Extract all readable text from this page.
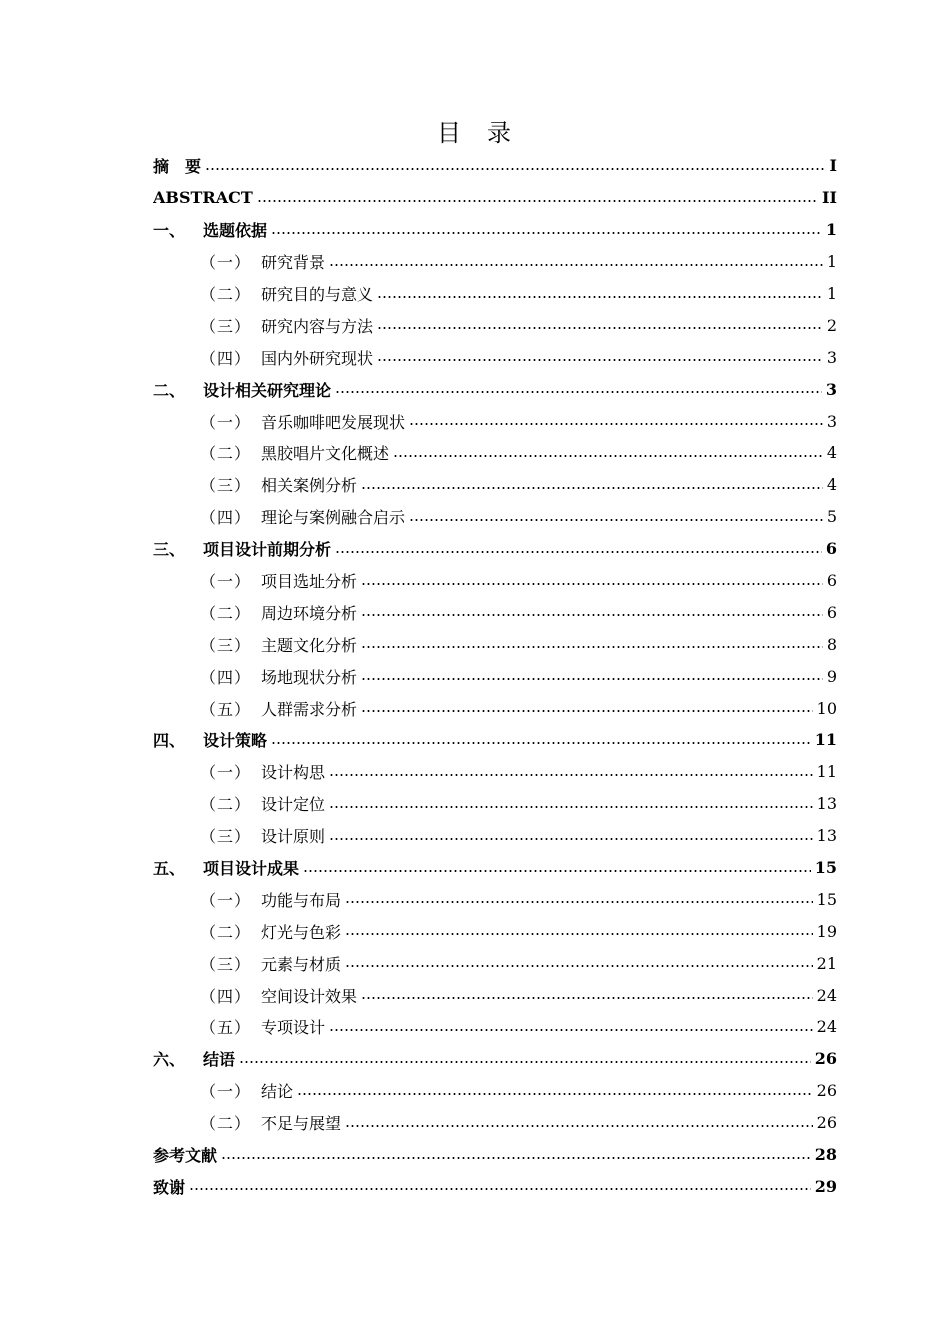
目 录
摘　要	I
ABSTRACT	II
一、	选题依据	1
（一） 研究背景	1
（二） 研究目的与意义	1
（三） 研究内容与方法	2
（四） 国内外研究现状	3
二、	设计相关研究理论	3
（一） 音乐咖啡吧发展现状	3
（二） 黑胶唱片文化概述	4
（三） 相关案例分析	4
（四） 理论与案例融合启示	5
三、	项目设计前期分析	6
（一） 项目选址分析	6
（二） 周边环境分析	6
（三） 主题文化分析	8
（四） 场地现状分析	9
（五） 人群需求分析	10
四、	设计策略	11
（一） 设计构思	11
（二） 设计定位	13
（三） 设计原则	13
五、	项目设计成果	15
（一） 功能与布局	15
（二） 灯光与色彩	19
（三） 元素与材质	21
（四） 空间设计效果	24
（五） 专项设计	24
六、	结语	26
（一） 结论	26
（二） 不足与展望	26
参考文献	28
致谢	29
